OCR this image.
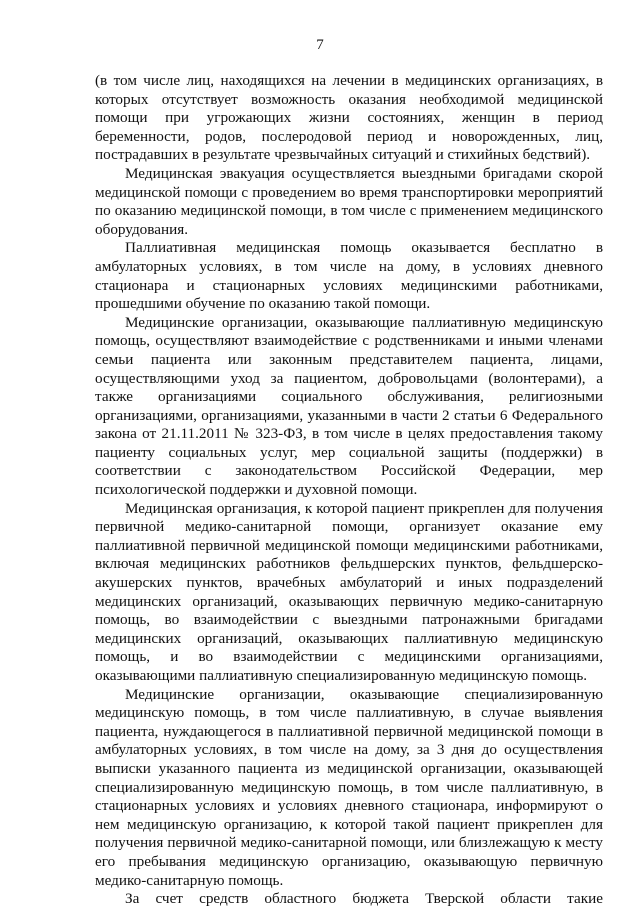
7

(в том числе лиц, находящихся на лечении в медицинских организациях, в которых отсутствует возможность оказания необходимой медицинской помощи при угрожающих жизни состояниях, женщин в период беременности, родов, послеродовой период и новорожденных, лиц, пострадавших в результате чрезвычайных ситуаций и стихийных бедствий).

Медицинская эвакуация осуществляется выездными бригадами скорой медицинской помощи с проведением во время транспортировки мероприятий по оказанию медицинской помощи, в том числе с применением медицинского оборудования.

Паллиативная медицинская помощь оказывается бесплатно в амбулаторных условиях, в том числе на дому, в условиях дневного стационара и стационарных условиях медицинскими работниками, прошедшими обучение по оказанию такой помощи.

Медицинские организации, оказывающие паллиативную медицинскую помощь, осуществляют взаимодействие с родственниками и иными членами семьи пациента или законным представителем пациента, лицами, осуществляющими уход за пациентом, добровольцами (волонтерами), а также организациями социального обслуживания, религиозными организациями, организациями, указанными в части 2 статьи 6 Федерального закона от 21.11.2011 № 323-ФЗ, в том числе в целях предоставления такому пациенту социальных услуг, мер социальной защиты (поддержки) в соответствии с законодательством Российской Федерации, мер психологической поддержки и духовной помощи.

Медицинская организация, к которой пациент прикреплен для получения первичной медико-санитарной помощи, организует оказание ему паллиативной первичной медицинской помощи медицинскими работниками, включая медицинских работников фельдшерских пунктов, фельдшерско-акушерских пунктов, врачебных амбулаторий и иных подразделений медицинских организаций, оказывающих первичную медико-санитарную помощь, во взаимодействии с выездными патронажными бригадами медицинских организаций, оказывающих паллиативную медицинскую помощь, и во взаимодействии с медицинскими организациями, оказывающими паллиативную специализированную медицинскую помощь.

Медицинские организации, оказывающие специализированную медицинскую помощь, в том числе паллиативную, в случае выявления пациента, нуждающегося в паллиативной первичной медицинской помощи в амбулаторных условиях, в том числе на дому, за 3 дня до осуществления выписки указанного пациента из медицинской организации, оказывающей специализированную медицинскую помощь, в том числе паллиативную, в стационарных условиях и условиях дневного стационара, информируют о нем медицинскую организацию, к которой такой пациент прикреплен для получения первичной медико-санитарной помощи, или близлежащую к месту его пребывания медицинскую организацию, оказывающую первичную медико-санитарную помощь.

За счет средств областного бюджета Тверской области такие
